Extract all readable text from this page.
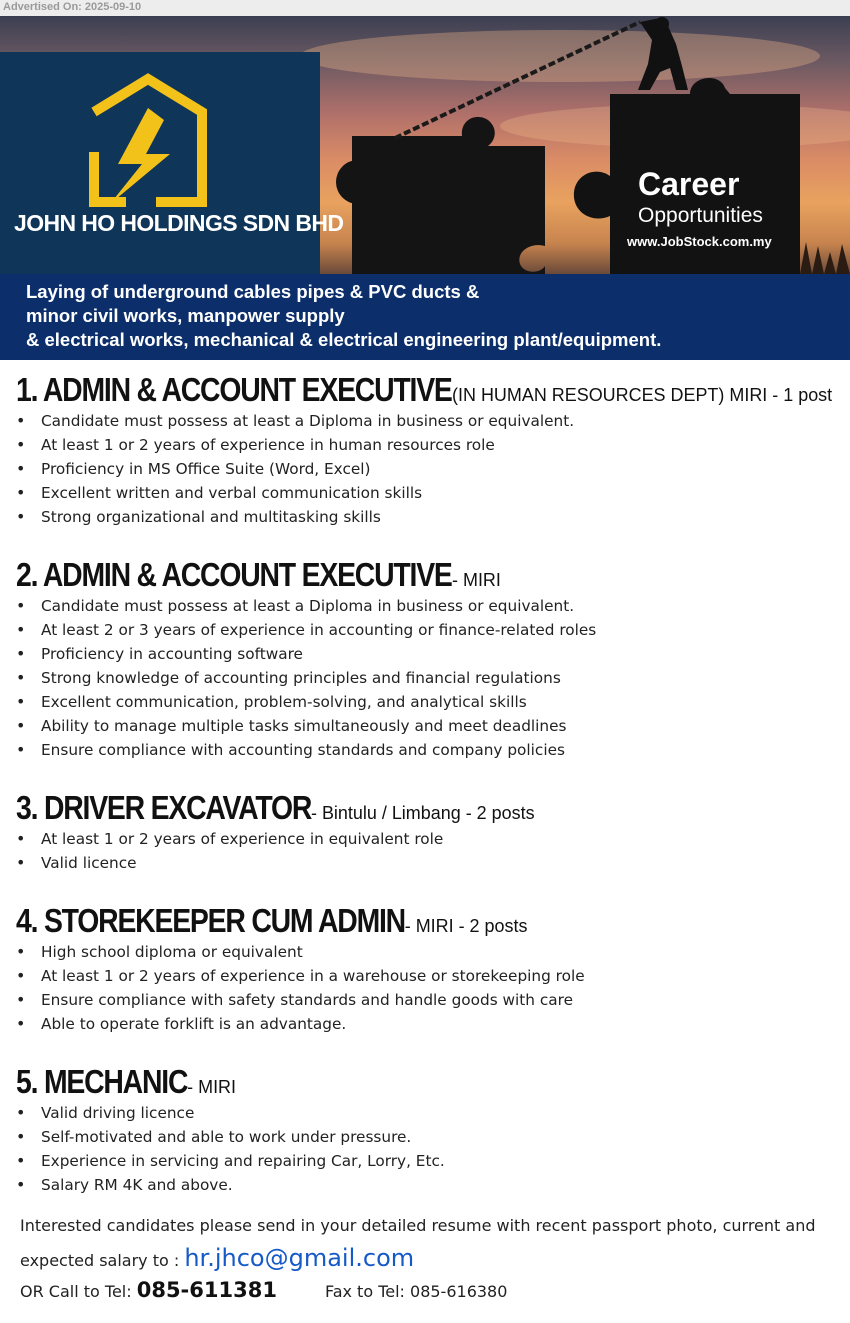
Advertised On: 2025-09-10
Career
Opportunities
www.JobStock.com.my
JOHN HO HOLDINGS SDN BHD
Laying of underground cables pipes & PVC ducts &
minor civil works, manpower supply
& electrical works, mechanical & electrical engineering plant/equipment.
1. ADMIN & ACCOUNT EXECUTIVE(IN HUMAN RESOURCES DEPT) MIRI - 1 post
• Candidate must possess at least a Diploma in business or equivalent.
• At least 1 or 2 years of experience in human resources role
• Proficiency in MS Office Suite (Word, Excel)
• Excellent written and verbal communication skills
• Strong organizational and multitasking skills
2. ADMIN & ACCOUNT EXECUTIVE- MIRI
• Candidate must possess at least a Diploma in business or equivalent.
• At least 2 or 3 years of experience in accounting or finance-related roles
• Proficiency in accounting software
• Strong knowledge of accounting principles and financial regulations
• Excellent communication, problem-solving, and analytical skills
• Ability to manage multiple tasks simultaneously and meet deadlines
• Ensure compliance with accounting standards and company policies
3. DRIVER EXCAVATOR- Bintulu / Limbang - 2 posts
• At least 1 or 2 years of experience in equivalent role
• Valid licence
4. STOREKEEPER CUM ADMIN- MIRI - 2 posts
• High school diploma or equivalent
• At least 1 or 2 years of experience in a warehouse or storekeeping role
• Ensure compliance with safety standards and handle goods with care
• Able to operate forklift is an advantage.
5. MECHANIC- MIRI
• Valid driving licence
• Self-motivated and able to work under pressure.
• Experience in servicing and repairing Car, Lorry, Etc.
• Salary RM 4K and above.
Interested candidates please send in your detailed resume with recent passport photo, current and
expected salary to : hr.jhco@gmail.com
OR Call to Tel: 085-611381	Fax to Tel: 085-616380
